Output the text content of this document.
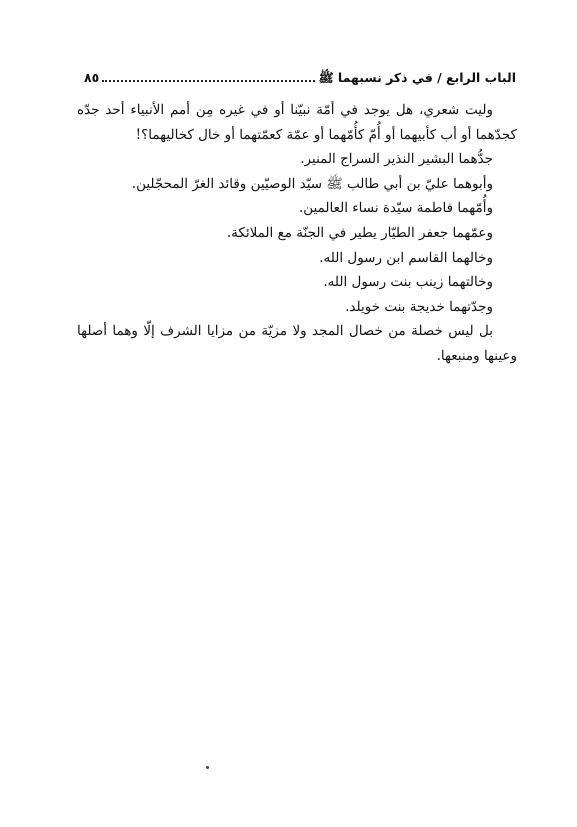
الباب الرابع / في ذكر نسبهما ﷺ
٨٥

وليت شعري، هل يوجد في أمّة نبيّنا أو في غيره مِن أمم الأنبياء أحد جدّه كجدّهما أو أب كأبيهما أو أُمّ كأُمّهما أو عمّة كعمّتهما أو خال كخاليهما؟!

جدُّهما البشير النذير السراج المنير.

وأبوهما عليّ بن أبي طالب ﷺ سيّد الوصيّين وقائد الغرّ المحجّلين.

وأُمّهما فاطمة سيّدة نساء العالمين.

وعمّهما جعفر الطيّار يطير في الجنّة مع الملائكة.

وخالهما القاسم ابن رسول الله.

وخالتهما زينب بنت رسول الله.

وجدّتهما خديجة بنت خويلد.

بل ليس خصلة من خصال المجد ولا مزيّة من مزايا الشرف إلّا وهما أصلها وعينها ومنبعها.
